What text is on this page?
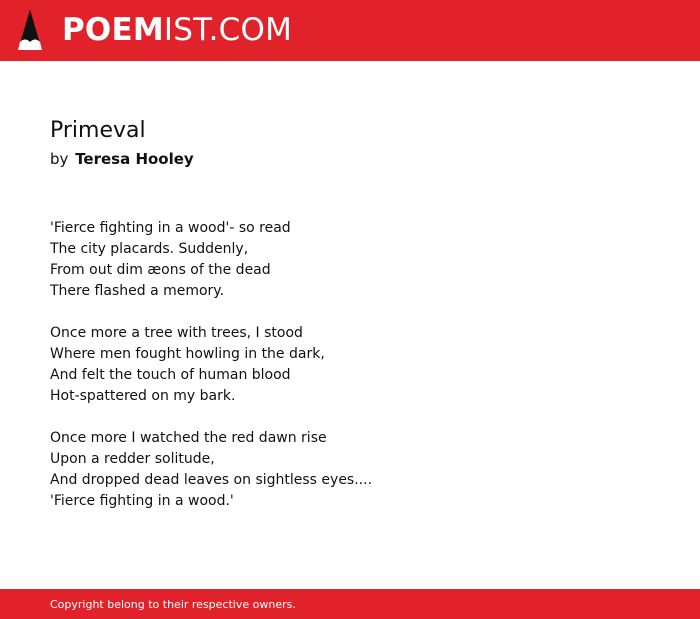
POEMIST.COM
Primeval
by Teresa Hooley
'Fierce fighting in a wood'- so read
The city placards. Suddenly,
From out dim æons of the dead
There flashed a memory.
Once more a tree with trees, I stood
Where men fought howling in the dark,
And felt the touch of human blood
Hot-spattered on my bark.
Once more I watched the red dawn rise
Upon a redder solitude,
And dropped dead leaves on sightless eyes....
'Fierce fighting in a wood.'
Copyright belong to their respective owners.
